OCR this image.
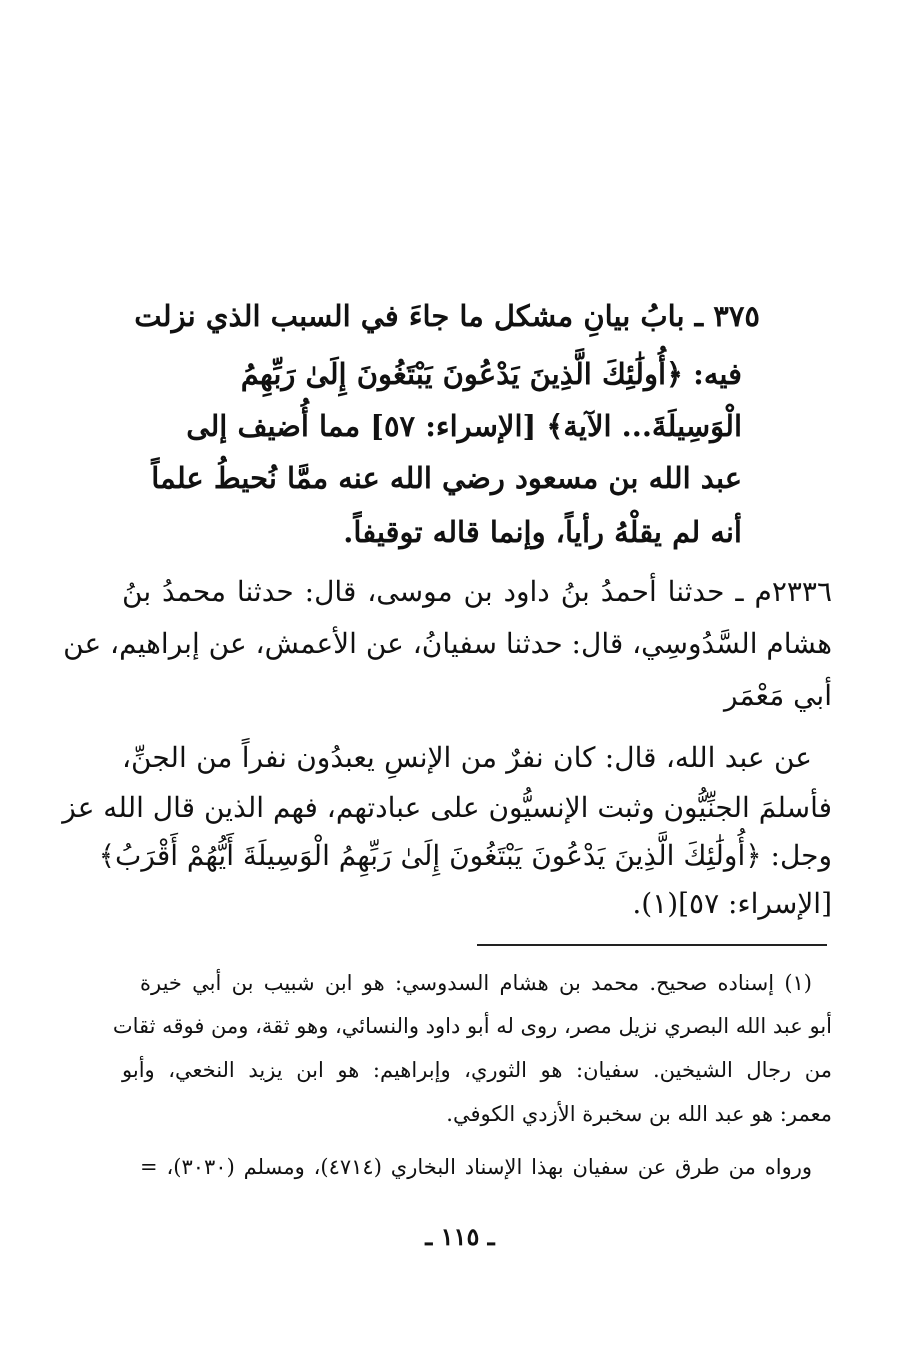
٣٧٥ ـ بابُ بيانِ مشكل ما جاءَ في السبب الذي نزلت
فيه: ﴿أُولَٰئِكَ الَّذِينَ يَدْعُونَ يَبْتَغُونَ إِلَىٰ رَبِّهِمُ
الْوَسِيلَةَ... الآية﴾ [الإسراء: ٥٧] مما أُضيف إلى
عبد الله بن مسعود رضي الله عنه ممَّا نُحيطُ علماً
أنه لم يقلْهُ رأياً، وإنما قاله توقيفاً.
٢٣٣٦م ـ حدثنا أحمدُ بنُ داود بن موسى، قال: حدثنا محمدُ بنُ
هشام السَّدُوسِي، قال: حدثنا سفيانُ، عن الأعمش، عن إبراهيم، عن
أبي مَعْمَر
عن عبد الله، قال: كان نفرٌ من الإنسِ يعبدُون نفراً من الجنِّ،
فأسلمَ الجنِّيُّون وثبت الإنسيُّون على عبادتهم، فهم الذين قال الله عز
وجل: ﴿أُولَٰئِكَ الَّذِينَ يَدْعُونَ يَبْتَغُونَ إِلَىٰ رَبِّهِمُ الْوَسِيلَةَ أَيُّهُمْ أَقْرَبُ﴾
[الإسراء: ٥٧](١).
(١) إسناده صحيح. محمد بن هشام السدوسي: هو ابن شبيب بن أبي خيرة
أبو عبد الله البصري نزيل مصر، روى له أبو داود والنسائي، وهو ثقة، ومن فوقه ثقات
من رجال الشيخين. سفيان: هو الثوري، وإبراهيم: هو ابن يزيد النخعي، وأبو
معمر: هو عبد الله بن سخبرة الأزدي الكوفي.
ورواه من طرق عن سفيان بهذا الإسناد البخاري (٤٧١٤)، ومسلم (٣٠٣٠)، =
ـ ١١٥ ـ
